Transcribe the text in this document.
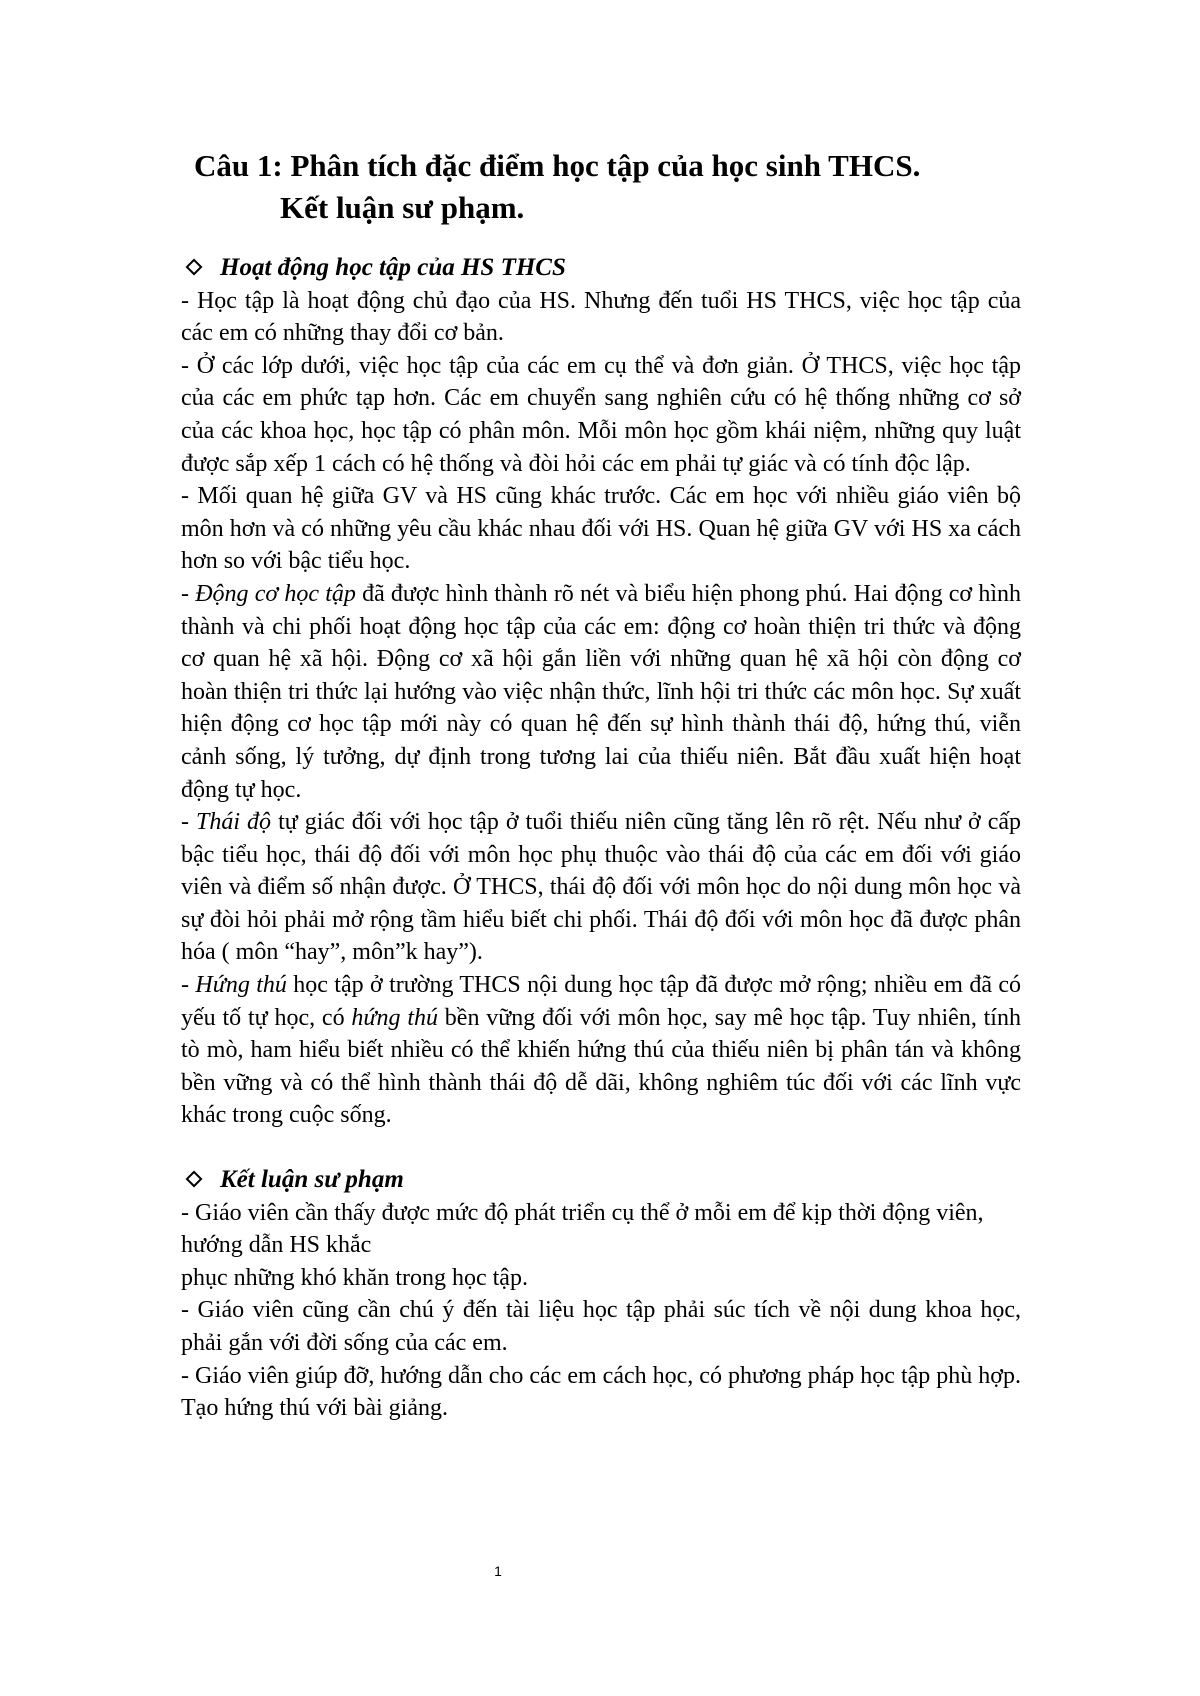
Câu 1: Phân tích đặc điểm học tập của học sinh THCS.
Kết luận sư phạm.
Hoạt động học tập của HS THCS

- Học tập là hoạt động chủ đạo của HS. Nhưng đến tuổi HS THCS, việc học tập của các em có những thay đổi cơ bản.

- Ở các lớp dưới, việc học tập của các em cụ thể và đơn giản. Ở THCS, việc học tập của các em phức tạp hơn. Các em chuyển sang nghiên cứu có hệ thống những cơ sở của các khoa học, học tập có phân môn. Mỗi môn học gồm khái niệm, những quy luật được sắp xếp 1 cách có hệ thống và đòi hỏi các em phải tự giác và có tính độc lập.

- Mối quan hệ giữa GV và HS cũng khác trước. Các em học với nhiều giáo viên bộ môn hơn và có những yêu cầu khác nhau đối với HS. Quan hệ giữa GV với HS xa cách hơn so với bậc tiểu học.

- Động cơ học tập đã được hình thành rõ nét và biểu hiện phong phú. Hai động cơ hình thành và chi phối hoạt động học tập của các em: động cơ hoàn thiện tri thức và động cơ quan hệ xã hội. Động cơ xã hội gắn liền với những quan hệ xã hội còn động cơ hoàn thiện tri thức lại hướng vào việc nhận thức, lĩnh hội tri thức các môn học. Sự xuất hiện động cơ học tập mới này có quan hệ đến sự hình thành thái độ, hứng thú, viễn cảnh sống, lý tưởng, dự định trong tương lai của thiếu niên. Bắt đầu xuất hiện hoạt động tự học.

- Thái độ tự giác đối với học tập ở tuổi thiếu niên cũng tăng lên rõ rệt. Nếu như ở cấp bậc tiểu học, thái độ đối với môn học phụ thuộc vào thái độ của các em đối với giáo viên và điểm số nhận được. Ở THCS, thái độ đối với môn học do nội dung môn học và sự đòi hỏi phải mở rộng tầm hiểu biết chi phối. Thái độ đối với môn học đã được phân hóa ( môn “hay”, môn”k hay”).

- Hứng thú học tập ở trường THCS nội dung học tập đã được mở rộng; nhiều em đã có yếu tố tự học, có hứng thú bền vững đối với môn học, say mê học tập. Tuy nhiên, tính tò mò, ham hiểu biết nhiều có thể khiến hứng thú của thiếu niên bị phân tán và không bền vững và có thể hình thành thái độ dễ dãi, không nghiêm túc đối với các lĩnh vực khác trong cuộc sống.

Kết luận sư phạm

- Giáo viên cần thấy được mức độ phát triển cụ thể ở mỗi em để kịp thời động viên, hướng dẫn HS khắc

phục những khó khăn trong học tập.

- Giáo viên cũng cần chú ý đến tài liệu học tập phải súc tích về nội dung khoa học, phải gắn với đời sống của các em.

- Giáo viên giúp đỡ, hướng dẫn cho các em cách học, có phương pháp học tập phù hợp. Tạo hứng thú với bài giảng.

1
